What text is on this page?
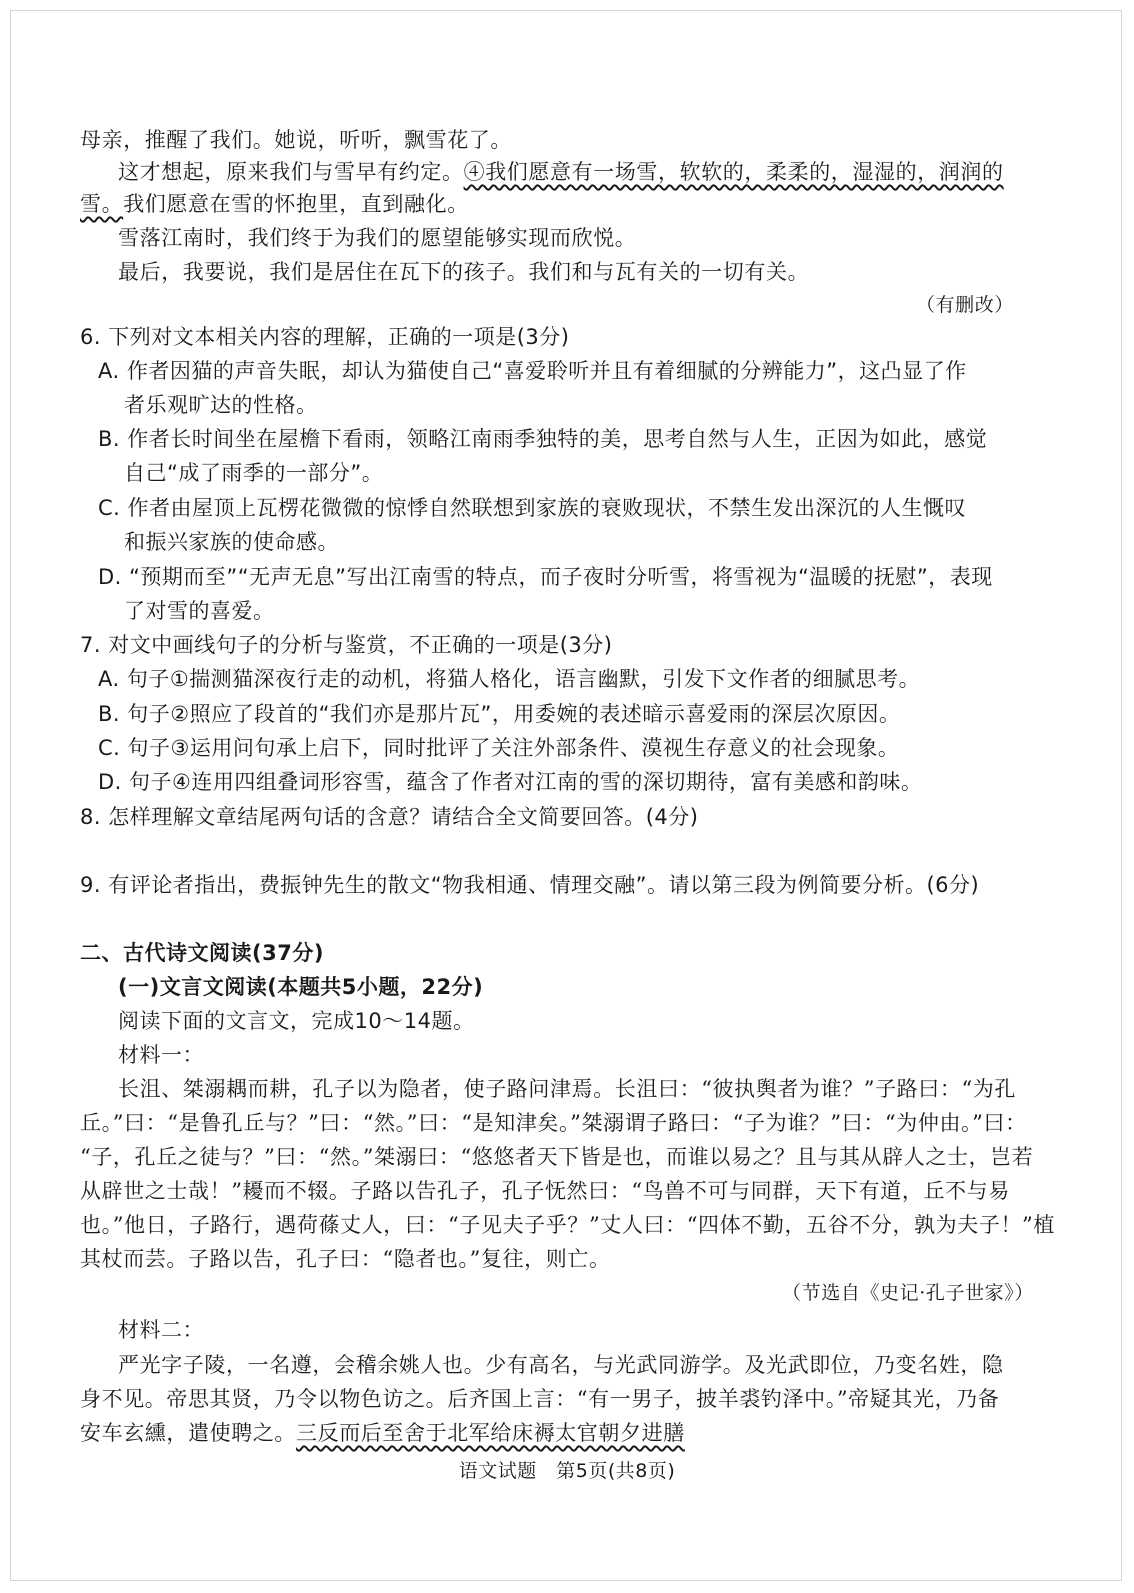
母亲，推醒了我们。她说，听听，飘雪花了。
这才想起，原来我们与雪早有约定。④我们愿意有一场雪，软软的，柔柔的，湿湿的，润润的
雪。我们愿意在雪的怀抱里，直到融化。
雪落江南时，我们终于为我们的愿望能够实现而欣悦。
最后，我要说，我们是居住在瓦下的孩子。我们和与瓦有关的一切有关。
（有删改）
6. 下列对文本相关内容的理解，正确的一项是(3分)
A. 作者因猫的声音失眠，却认为猫使自己“喜爱聆听并且有着细腻的分辨能力”，这凸显了作
者乐观旷达的性格。
B. 作者长时间坐在屋檐下看雨，领略江南雨季独特的美，思考自然与人生，正因为如此，感觉
自己“成了雨季的一部分”。
C. 作者由屋顶上瓦楞花微微的惊悸自然联想到家族的衰败现状，不禁生发出深沉的人生慨叹
和振兴家族的使命感。
D. “预期而至”“无声无息”写出江南雪的特点，而子夜时分听雪，将雪视为“温暖的抚慰”，表现
了对雪的喜爱。
7. 对文中画线句子的分析与鉴赏，不正确的一项是(3分)
A. 句子①揣测猫深夜行走的动机，将猫人格化，语言幽默，引发下文作者的细腻思考。
B. 句子②照应了段首的“我们亦是那片瓦”，用委婉的表述暗示喜爱雨的深层次原因。
C. 句子③运用问句承上启下，同时批评了关注外部条件、漠视生存意义的社会现象。
D. 句子④连用四组叠词形容雪，蕴含了作者对江南的雪的深切期待，富有美感和韵味。
8. 怎样理解文章结尾两句话的含意？请结合全文简要回答。(4分)
9. 有评论者指出，费振钟先生的散文“物我相通、情理交融”。请以第三段为例简要分析。(6分)
二、古代诗文阅读(37分)
(一)文言文阅读(本题共5小题，22分)
阅读下面的文言文，完成10～14题。
材料一：
长沮、桀溺耦而耕，孔子以为隐者，使子路问津焉。长沮曰：“彼执舆者为谁？”子路曰：“为孔
丘。”曰：“是鲁孔丘与？”曰：“然。”曰：“是知津矣。”桀溺谓子路曰：“子为谁？”曰：“为仲由。”曰：
“子，孔丘之徒与？”曰：“然。”桀溺曰：“悠悠者天下皆是也，而谁以易之？且与其从辟人之士，岂若
从辟世之士哉！”耰而不辍。子路以告孔子，孔子怃然曰：“鸟兽不可与同群，天下有道，丘不与易
也。”他日，子路行，遇荷蓧丈人，曰：“子见夫子乎？”丈人曰：“四体不勤，五谷不分，孰为夫子！”植
其杖而芸。子路以告，孔子曰：“隐者也。”复往，则亡。
（节选自《史记·孔子世家》）
材料二：
严光字子陵，一名遵，会稽余姚人也。少有高名，与光武同游学。及光武即位，乃变名姓，隐
身不见。帝思其贤，乃令以物色访之。后齐国上言：“有一男子，披羊裘钓泽中。”帝疑其光，乃备
安车玄纁，遣使聘之。三反而后至舍于北军给床褥太官朝夕进膳
语文试题　第5页(共8页)
